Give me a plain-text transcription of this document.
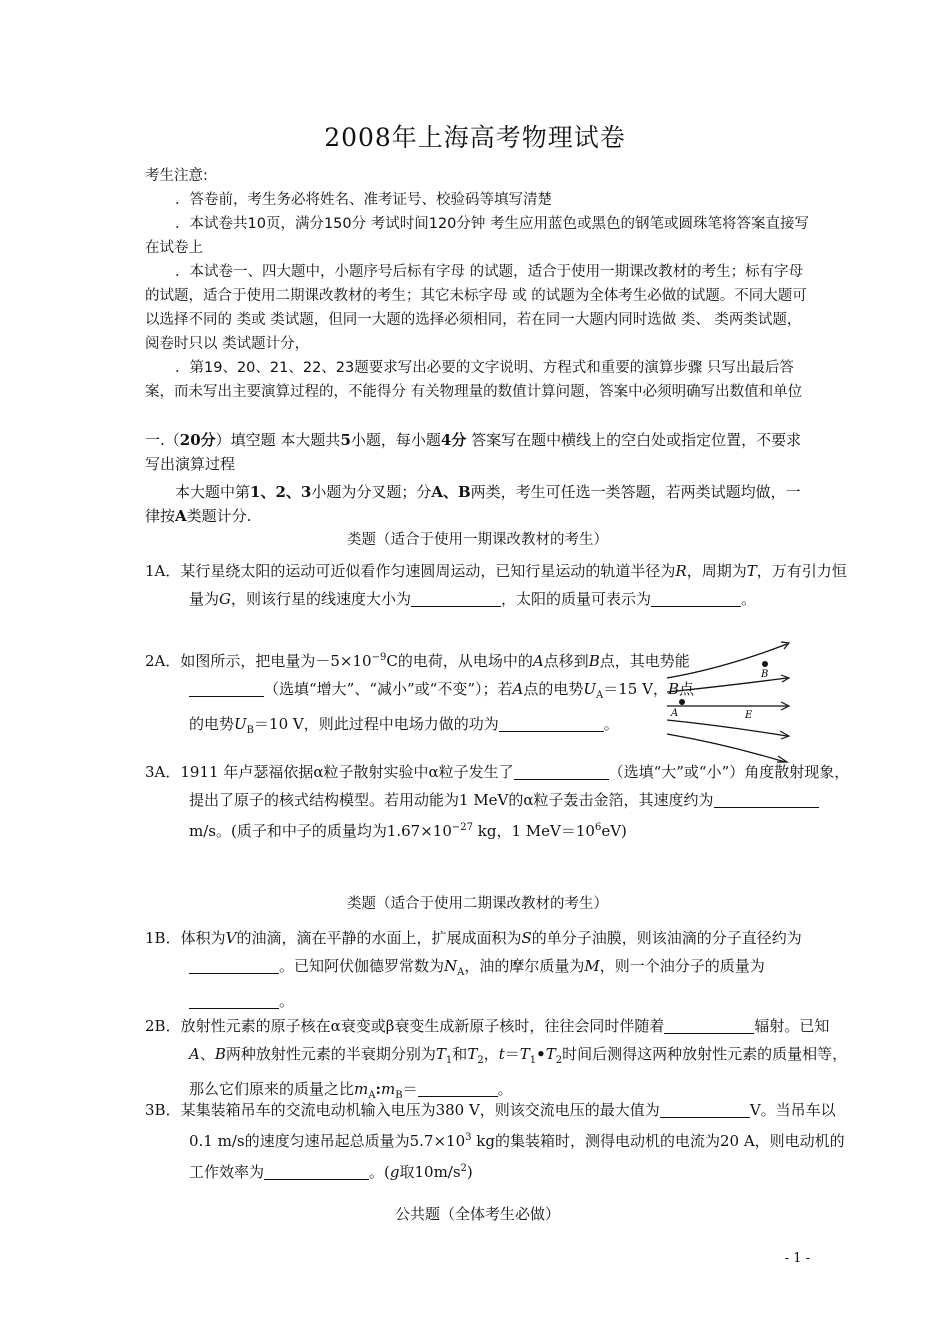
2008年上海高考物理试卷
考生注意:
．答卷前，考生务必将姓名、准考证号、校验码等填写清楚
．本试卷共10页，满分150分 考试时间120分钟 考生应用蓝色或黑色的钢笔或圆珠笔将答案直接写在试卷上
．本试卷一、四大题中，小题序号后标有字母 的试题，适合于使用一期课改教材的考生；标有字母 的试题，适合于使用二期课改教材的考生；其它未标字母 或 的试题为全体考生必做的试题。不同大题可以选择不同的 类或 类试题，但同一大题的选择必须相同，若在同一大题内同时选做 类、 类两类试题，阅卷时只以 类试题计分，
．第19、20、21、22、23题要求写出必要的文字说明、方程式和重要的演算步骤 只写出最后答案，而未写出主要演算过程的，不能得分 有关物理量的数值计算问题，答案中必须明确写出数值和单位
一.（20分）填空题 本大题共5小题，每小题4分 答案写在题中横线上的空白处或指定位置，不要求写出演算过程
本大题中第1、2、3小题为分叉题；分A、B两类，考生可任选一类答题，若两类试题均做，一律按A类题计分.
类题（适合于使用一期课改教材的考生）
1A．某行星绕太阳的运动可近似看作匀速圆周运动，已知行星运动的轨道半径为R，周期为T，万有引力恒量为G，则该行星的线速度大小为	，太阳的质量可表示为	。
2A．如图所示，把电量为$-5\times 10^{-9}C$的电荷，从电场中的A点移到B点，其电势能（选填“增大”、“减小”或“不变”）；若A点的电势$U_A=15$ V，B点的电势$U_B=10$ V，则此过程中电场力做的功为	。
B
A	E
3A．1911 年卢瑟福依据α粒子散射实验中α粒子发生了	（选填“大”或“小”）角度散射现象，提出了原子的核式结构模型。若用动能为1 MeV的α粒子轰击金箔，其速度约为m/s。(质子和中子的质量均为$1.67\times 10^{-27}$ kg，1 $MeV=10^6eV$)
类题（适合于使用二期课改教材的考生）
1B．体积为V的油滴，滴在平静的水面上，扩展成面积为S的单分子油膜，则该油滴的分子直径约为。已知阿伏伽德罗常数为$N_A$，油的摩尔质量为M，则一个油分子的质量为。
2B．放射性元素的原子核在α衰变或β衰变生成新原子核时，往往会同时伴随着	辐射。已知A、B两种放射性元素的半衰期分别为$T_1$和$T_2$，$t=T_1•T_2$时间后测得这两种放射性元素的质量相等，那么它们原来的质量之比$m_A:m_B=$	。
3B．某集装箱吊车的交流电动机输入电压为380 V，则该交流电压的最大值为	V。当吊车以0.1 m/s的速度匀速吊起总质量为$5.7\times 10^3$ kg的集装箱时，测得电动机的电流为20 A，则电动机的工作效率为	。(g取$10m/s^2$)
公共题（全体考生必做）
- 1 -
